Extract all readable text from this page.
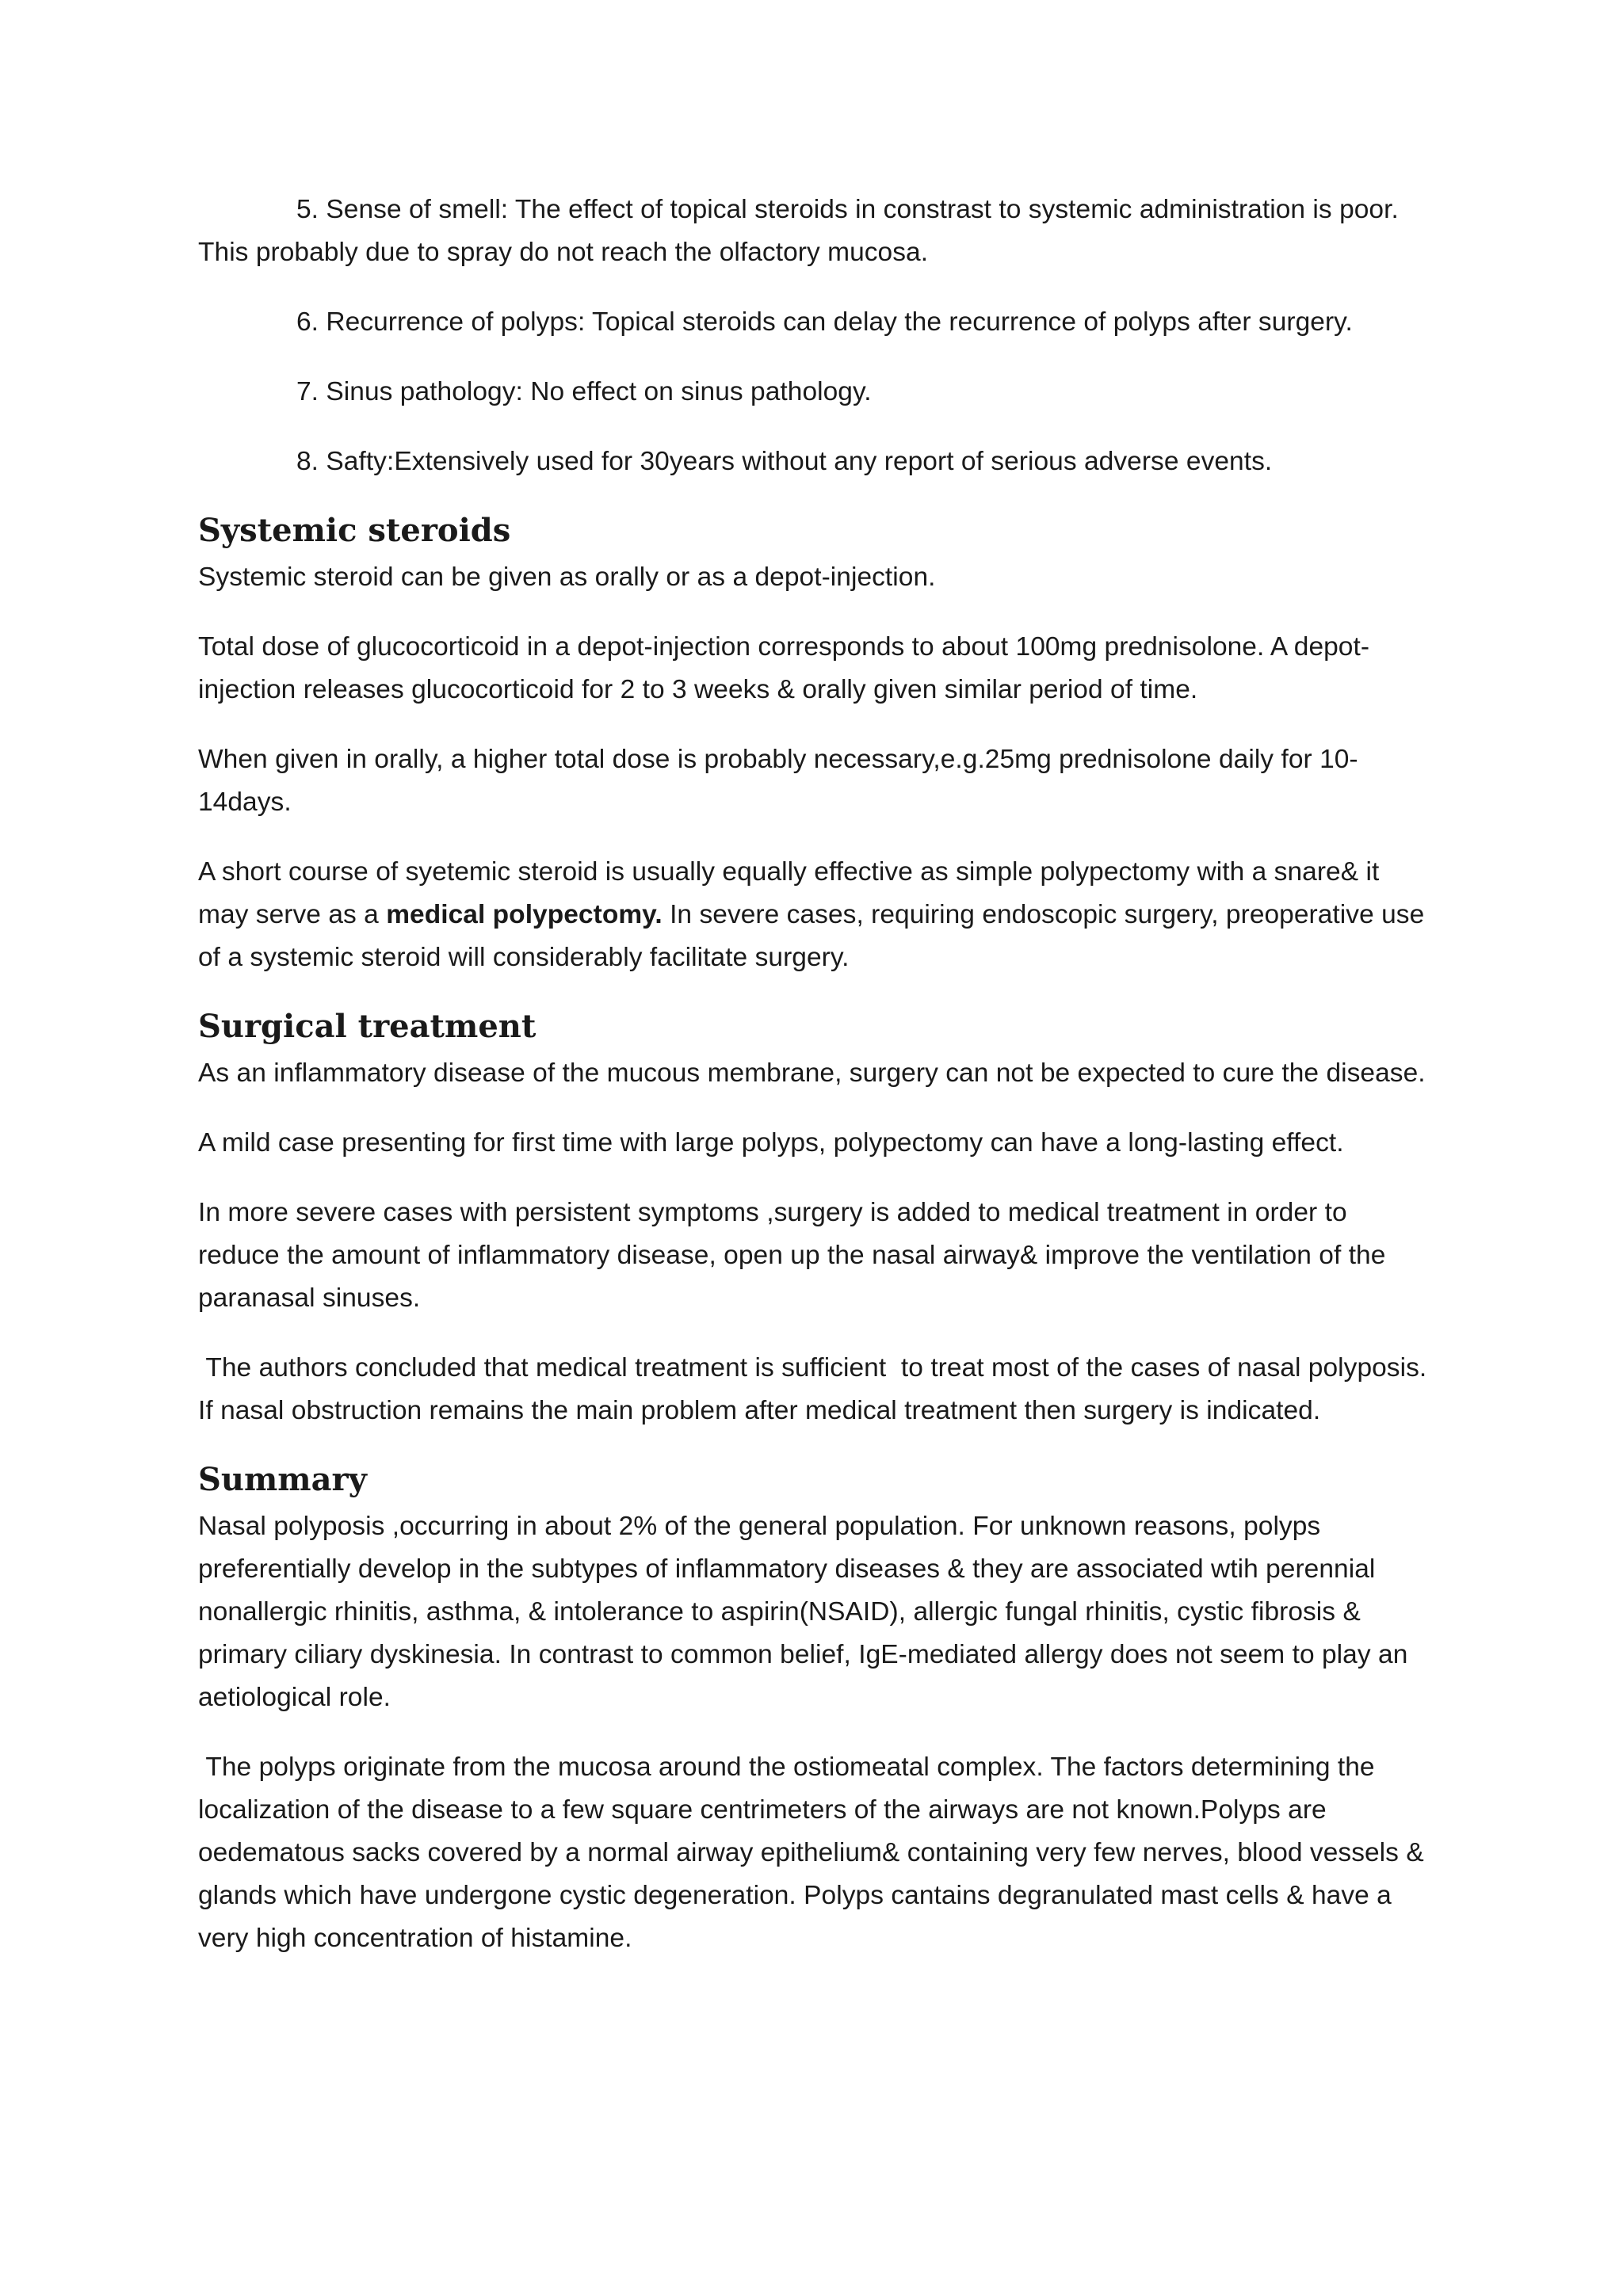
5. Sense of smell: The effect of topical steroids in constrast to systemic administration is poor. This probably due to spray do not reach the olfactory mucosa.

6. Recurrence of polyps: Topical steroids can delay the recurrence of polyps after surgery.

7. Sinus pathology: No effect on sinus pathology.

8. Safty:Extensively used for 30years without any report of serious adverse events.

Systemic steroids

Systemic steroid can be given as orally or as a depot-injection.

Total dose of glucocorticoid in a depot-injection corresponds to about 100mg prednisolone. A depot-injection releases glucocorticoid for 2 to 3 weeks & orally given similar period of time.

When given in orally, a higher total dose is probably necessary,e.g.25mg prednisolone daily for 10-14days.

A short course of syetemic steroid is usually equally effective as simple polypectomy with a snare& it may serve as a medical polypectomy. In severe cases, requiring endoscopic surgery, preoperative use of a systemic steroid will considerably facilitate surgery.

Surgical treatment

As an inflammatory disease of the mucous membrane, surgery can not be expected to cure the disease.

A mild case presenting for first time with large polyps, polypectomy can have a long-lasting effect.

In more severe cases with persistent symptoms ,surgery is added to medical treatment in order to reduce the amount of inflammatory disease, open up the nasal airway& improve the ventilation of the paranasal sinuses.

The authors concluded that medical treatment is sufficient  to treat most of the cases of nasal polyposis. If nasal obstruction remains the main problem after medical treatment then surgery is indicated.

Summary

Nasal polyposis ,occurring in about 2% of the general population. For unknown reasons, polyps preferentially develop in the subtypes of inflammatory diseases & they are associated wtih perennial nonallergic rhinitis, asthma, & intolerance to aspirin(NSAID), allergic fungal rhinitis, cystic fibrosis & primary ciliary dyskinesia. In contrast to common belief, IgE-mediated allergy does not seem to play an aetiological role.

The polyps originate from the mucosa around the ostiomeatal complex. The factors determining the localization of the disease to a few square centrimeters of the airways are not known.Polyps are oedematous sacks covered by a normal airway epithelium& containing very few nerves, blood vessels & glands which have undergone cystic degeneration. Polyps cantains degranulated mast cells & have a very high concentration of histamine.
